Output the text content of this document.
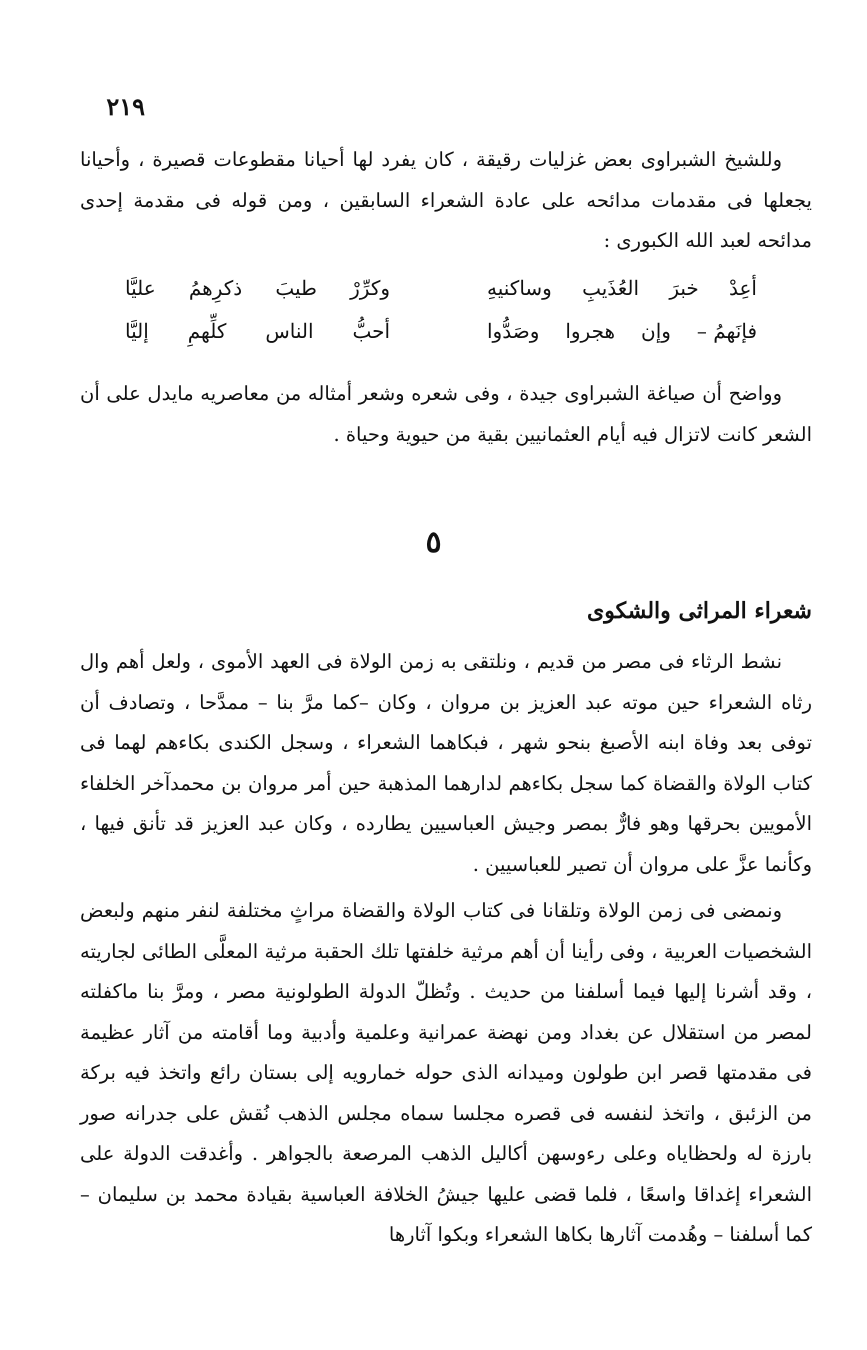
٢١٩

وللشيخ الشبراوى بعض غزليات رقيقة ، كان يفرد لها أحيانا مقطوعات قصيرة ، وأحيانا يجعلها فى مقدمات مدائحه على عادة الشعراء السابقين ، ومن قوله فى مقدمة إحدى مدائحه لعبد الله الكبورى :

أعِدْ
خبرَ
العُذَيبِ
وساكنيهِ
وكرِّرْ
طيبَ
ذكرِهمُ
عليَّا
فإنَهمُ –
وإن
هجروا
وصَدُّوا
أحبُّ
الناس
كلِّهمِ
إليَّا

وواضح أن صياغة الشبراوى جيدة ، وفى شعره وشعر أمثاله من معاصريه مايدل على أن الشعر كانت لاتزال فيه أيام العثمانيين بقية من حيوية وحياة .

٥
شعراء المراثى والشكوى

نشط الرثاء فى مصر من قديم ، ونلتقى به زمن الولاة فى العهد الأموى ، ولعل أهم وال رثاه الشعراء حين موته عبد العزيز بن مروان ، وكان –كما مرَّ بنا – ممدَّحا ، وتصادف أن توفى بعد وفاة ابنه الأصبغ بنحو شهر ، فبكاهما الشعراء ، وسجل الكندى بكاءهم لهما فى كتاب الولاة والقضاة كما سجل بكاءهم لدارهما المذهبة حين أمر مروان بن محمدآخر الخلفاء الأمويين بحرقها وهو فارٌّ بمصر وجيش العباسيين يطارده ، وكان عبد العزيز قد تأنق فيها ، وكأنما عزَّ على مروان أن تصير للعباسيين .

ونمضى فى زمن الولاة وتلقانا فى كتاب الولاة والقضاة مراثٍ مختلفة لنفر منهم ولبعض الشخصيات العربية ، وفى رأينا أن أهم مرثية خلفتها تلك الحقبة مرثية المعلَّى الطائى لجاريته ، وقد أشرنا إليها فيما أسلفنا من حديث . وتُظلّ الدولة الطولونية مصر ، ومرَّ بنا ماكفلته لمصر من استقلال عن بغداد ومن نهضة عمرانية وعلمية وأدبية وما أقامته من آثار عظيمة فى مقدمتها قصر ابن طولون وميدانه الذى حوله خمارويه إلى بستان رائع واتخذ فيه بركة من الزئبق ، واتخذ لنفسه فى قصره مجلسا سماه مجلس الذهب نُقش على جدرانه صور بارزة له ولحظاياه وعلى رءوسهن أكاليل الذهب المرصعة بالجواهر . وأغدقت الدولة على الشعراء إغداقا واسعًا ، فلما قضى عليها جيشُ الخلافة العباسية بقيادة محمد بن سليمان –كما أسلفنا – وهُدمت آثارها بكاها الشعراء وبكوا آثارها
